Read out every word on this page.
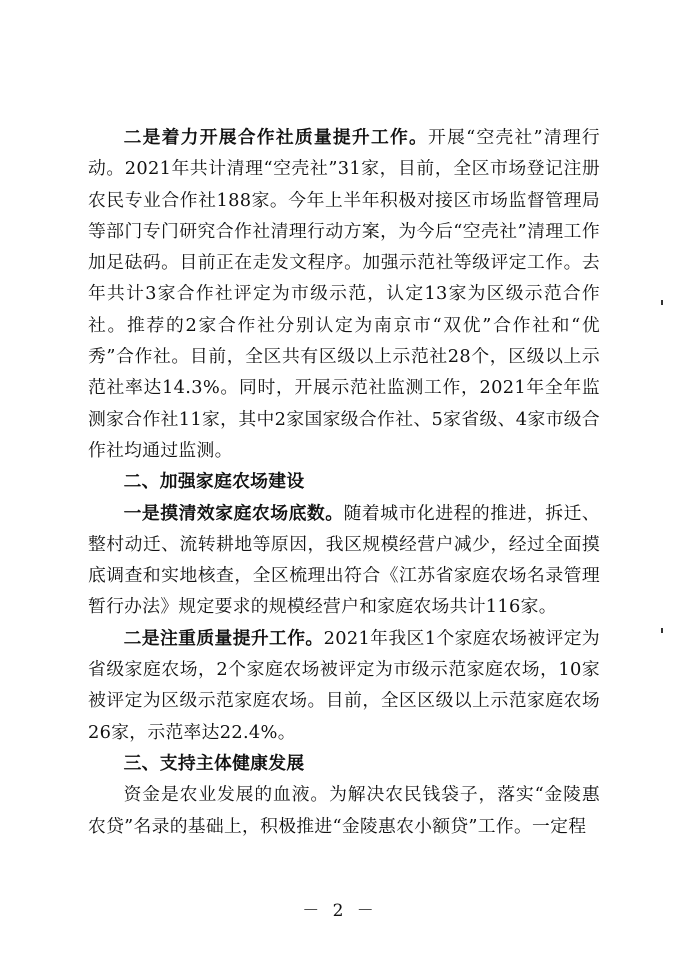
二是着力开展合作社质量提升工作。开展“空壳社”清理行动。2021年共计清理“空壳社”31家，目前，全区市场登记注册农民专业合作社188家。今年上半年积极对接区市场监督管理局等部门专门研究合作社清理行动方案，为今后“空壳社”清理工作加足砝码。目前正在走发文程序。加强示范社等级评定工作。去年共计3家合作社评定为市级示范，认定13家为区级示范合作社。推荐的2家合作社分别认定为南京市“双优”合作社和“优秀”合作社。目前，全区共有区级以上示范社28个，区级以上示范社率达14.3%。同时，开展示范社监测工作，2021年全年监测家合作社11家，其中2家国家级合作社、5家省级、4家市级合作社均通过监测。

二、加强家庭农场建设

一是摸清效家庭农场底数。随着城市化进程的推进，拆迁、整村动迁、流转耕地等原因，我区规模经营户减少，经过全面摸底调查和实地核查，全区梳理出符合《江苏省家庭农场名录管理暂行办法》规定要求的规模经营户和家庭农场共计116家。

二是注重质量提升工作。2021年我区1个家庭农场被评定为省级家庭农场，2个家庭农场被评定为市级示范家庭农场，10家被评定为区级示范家庭农场。目前，全区区级以上示范家庭农场26家，示范率达22.4%。

三、支持主体健康发展

资金是农业发展的血液。为解决农民钱袋子，落实“金陵惠农贷”名录的基础上，积极推进“金陵惠农小额贷”工作。一定程

－ 2 －
